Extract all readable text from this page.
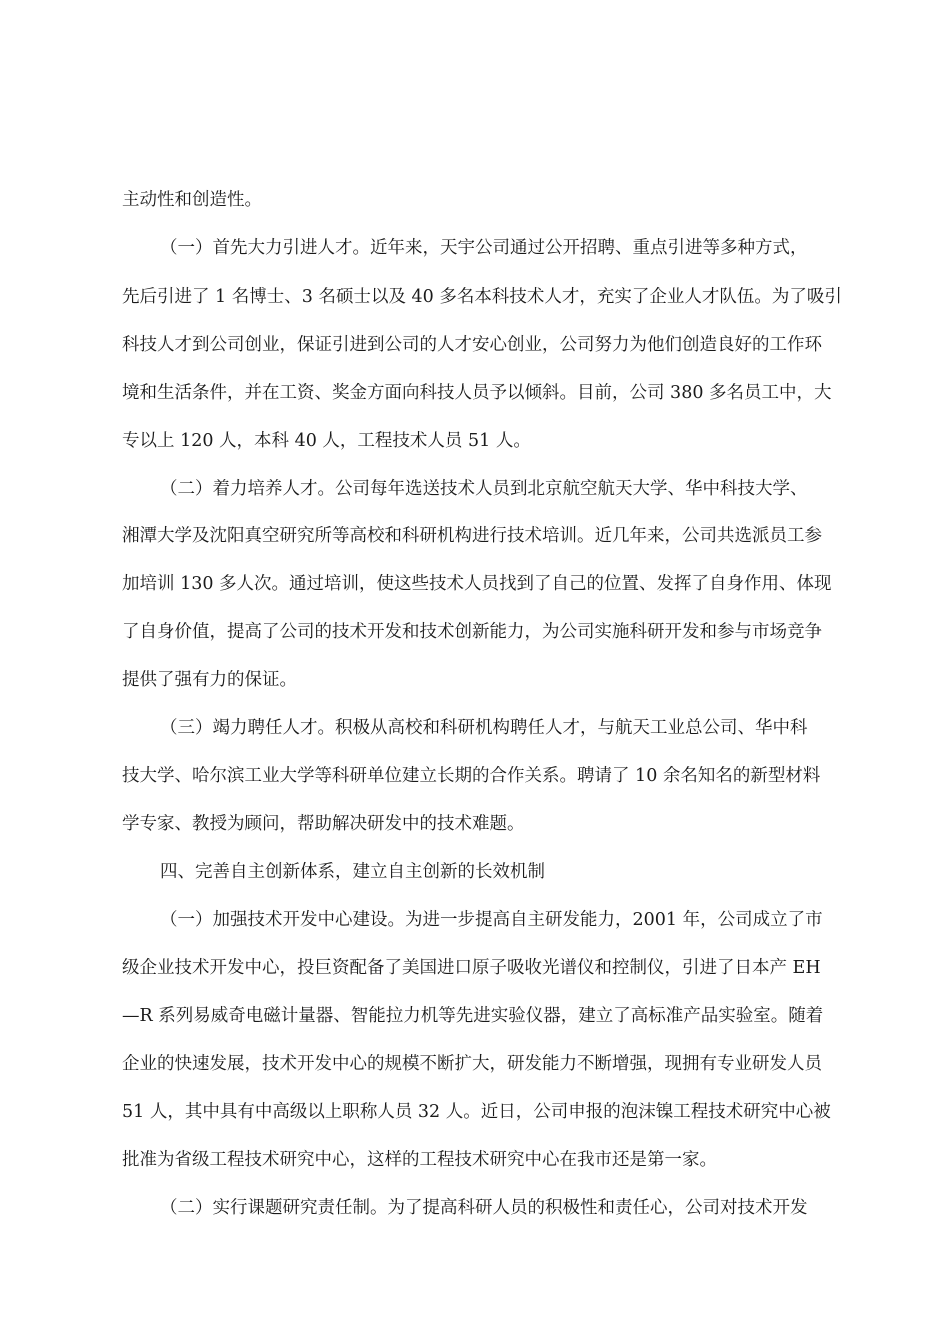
主动性和创造性。
（一）首先大力引进人才。近年来，天宇公司通过公开招聘、重点引进等多种方式，
先后引进了 1 名博士、3 名硕士以及 40 多名本科技术人才，充实了企业人才队伍。为了吸引
科技人才到公司创业，保证引进到公司的人才安心创业，公司努力为他们创造良好的工作环
境和生活条件，并在工资、奖金方面向科技人员予以倾斜。目前，公司 380 多名员工中，大
专以上 120 人，本科 40 人，工程技术人员 51 人。
（二）着力培养人才。公司每年选送技术人员到北京航空航天大学、华中科技大学、
湘潭大学及沈阳真空研究所等高校和科研机构进行技术培训。近几年来，公司共选派员工参
加培训 130 多人次。通过培训，使这些技术人员找到了自己的位置、发挥了自身作用、体现
了自身价值，提高了公司的技术开发和技术创新能力，为公司实施科研开发和参与市场竞争
提供了强有力的保证。
（三）竭力聘任人才。积极从高校和科研机构聘任人才，与航天工业总公司、华中科
技大学、哈尔滨工业大学等科研单位建立长期的合作关系。聘请了 10 余名知名的新型材料
学专家、教授为顾问，帮助解决研发中的技术难题。
四、完善自主创新体系，建立自主创新的长效机制
（一）加强技术开发中心建设。为进一步提高自主研发能力，2001 年，公司成立了市
级企业技术开发中心，投巨资配备了美国进口原子吸收光谱仪和控制仪，引进了日本产 EH
—R 系列易威奇电磁计量器、智能拉力机等先进实验仪器，建立了高标准产品实验室。随着
企业的快速发展，技术开发中心的规模不断扩大，研发能力不断增强，现拥有专业研发人员
51 人，其中具有中高级以上职称人员 32 人。近日，公司申报的泡沫镍工程技术研究中心被
批准为省级工程技术研究中心，这样的工程技术研究中心在我市还是第一家。
（二）实行课题研究责任制。为了提高科研人员的积极性和责任心，公司对技术开发
